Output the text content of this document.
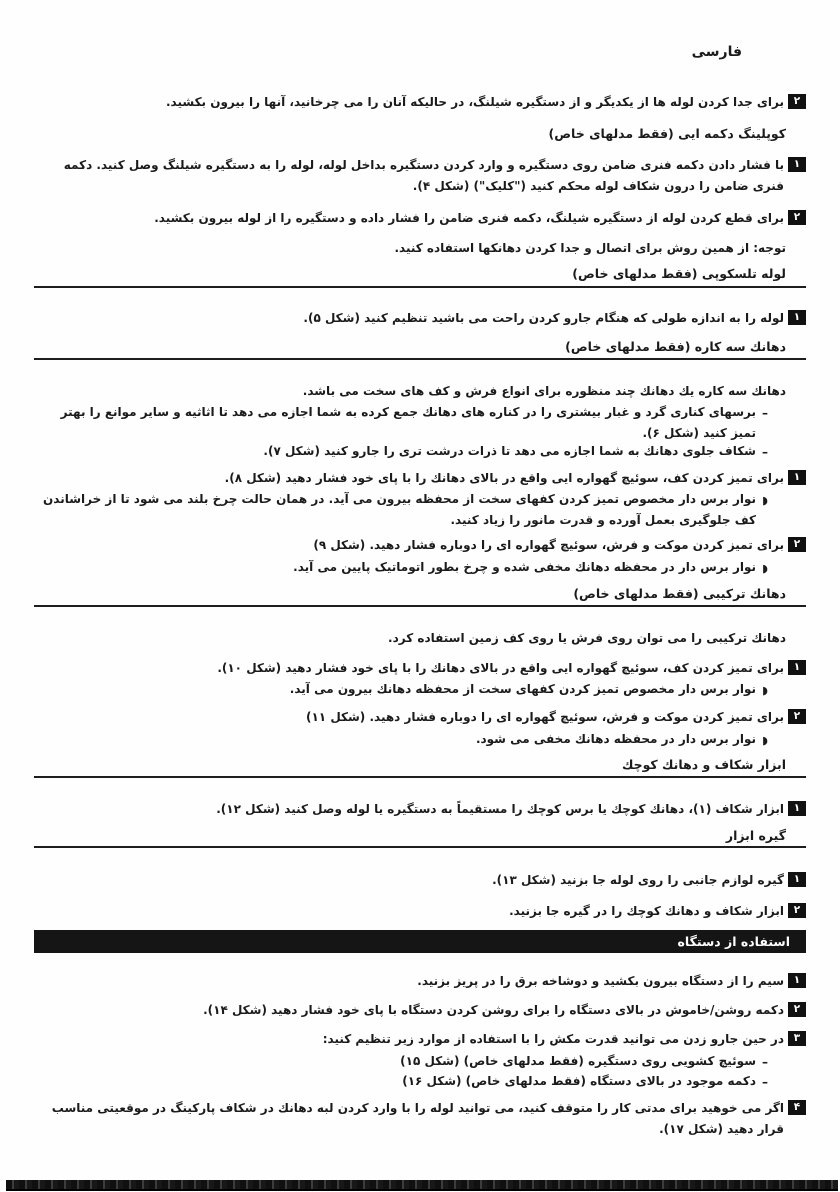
فارسی
۲

برای جدا کردن لوله ها از یکدیگر و از دستگیره شیلنگ، در حالیکه آنان را می چرخانید، آنها را بیرون بکشید.

کوپلینگ دکمه ایی (فقط مدلهای خاص)
۱

با فشار دادن دکمه فنری ضامن روی دستگیره و وارد کردن دستگیره بداخل لوله، لوله را به دستگیره شیلنگ وصل کنید. دکمه فنری ضامن را درون شکاف لوله محکم کنید ("کلیک") (شکل ۴).

۲

برای قطع کردن لوله از دستگیره شیلنگ، دکمه فنری ضامن را فشار داده و دستگیره را از لوله بیرون بکشید.

توجه: از همین روش برای اتصال و جدا کردن دهانکها استفاده کنید.

لوله تلسکوپی (فقط مدلهای خاص)
۱

لوله را به اندازه طولی که هنگام جارو کردن راحت می باشید تنظیم کنید (شکل ۵).

دهانك سه کاره (فقط مدلهای خاص)

دهانك سه کاره یك دهانك چند منظوره برای انواع فرش و کف های سخت می باشد.

–

برسهای کناری گرد و غبار بیشتری را در کناره های دهانك جمع کرده به شما اجازه می دهد تا اثاثیه و سایر موانع را بهتر تمیز کنید (شکل ۶).

–

شکاف جلوی دهانك به شما اجازه می دهد تا ذرات درشت تری را جارو کنید (شکل ۷).

۱

برای تمیز کردن کف، سوئیچ گهواره ایی واقع در بالای دهانك را با پای خود فشار دهید (شکل ۸).

◗

نوار برس دار مخصوص تمیز کردن کفهای سخت از محفظه بیرون می آید. در همان حالت چرخ بلند می شود تا از خراشاندن کف جلوگیری بعمل آورده و قدرت مانور را زیاد کنید.

۲

برای تمیز کردن موکت و فرش، سوئیچ گهواره ای را دوباره فشار دهید. (شکل ۹)

◗

نوار برس دار در محفظه دهانك مخفی شده و چرخ بطور اتوماتیک پایین می آید.

دهانك ترکیبی (فقط مدلهای خاص)

دهانك ترکیبی را می توان روی فرش یا روی کف زمین استفاده کرد.

۱

برای تمیز کردن کف، سوئیچ گهواره ایی واقع در بالای دهانك را با پای خود فشار دهید (شکل ۱۰).

◗

نوار برس دار مخصوص تمیز کردن کفهای سخت از محفظه دهانك بیرون می آید.

۲

برای تمیز کردن موکت و فرش، سوئیچ گهواره ای را دوباره فشار دهید. (شکل ۱۱)

◗

نوار برس دار در محفظه دهانك مخفی می شود.

ابزار شکاف و دهانك کوچك
۱

ابزار شکاف (۱)، دهانك کوچك یا برس کوچك را مستقیماً به دستگیره یا لوله وصل کنید (شکل ۱۲).

گیره ابزار
۱

گیره لوازم جانبی را روی لوله جا بزنید (شکل ۱۳).

۲

ابزار شکاف و دهانك کوچك را در گیره جا بزنید.

استفاده از دستگاه
۱

سیم را از دستگاه بیرون بکشید و دوشاخه برق را در پریز بزنید.

۲

دکمه روشن/خاموش در بالای دستگاه را برای روشن کردن دستگاه با پای خود فشار دهید (شکل ۱۴).

۳

در حین جارو زدن می توانید قدرت مکش را با استفاده از موارد زیر تنظیم کنید:

–

سوئیچ کشویی روی دستگیره (فقط مدلهای خاص) (شکل ۱۵)

–

دکمه موجود در بالای دستگاه (فقط مدلهای خاص) (شکل ۱۶)

۴

اگر می خوهید برای مدتی کار را متوقف کنید، می توانید لوله را با وارد کردن لبه دهانك در شکاف پارکینگ در موقعیتی مناسب قرار دهید (شکل ۱۷).
